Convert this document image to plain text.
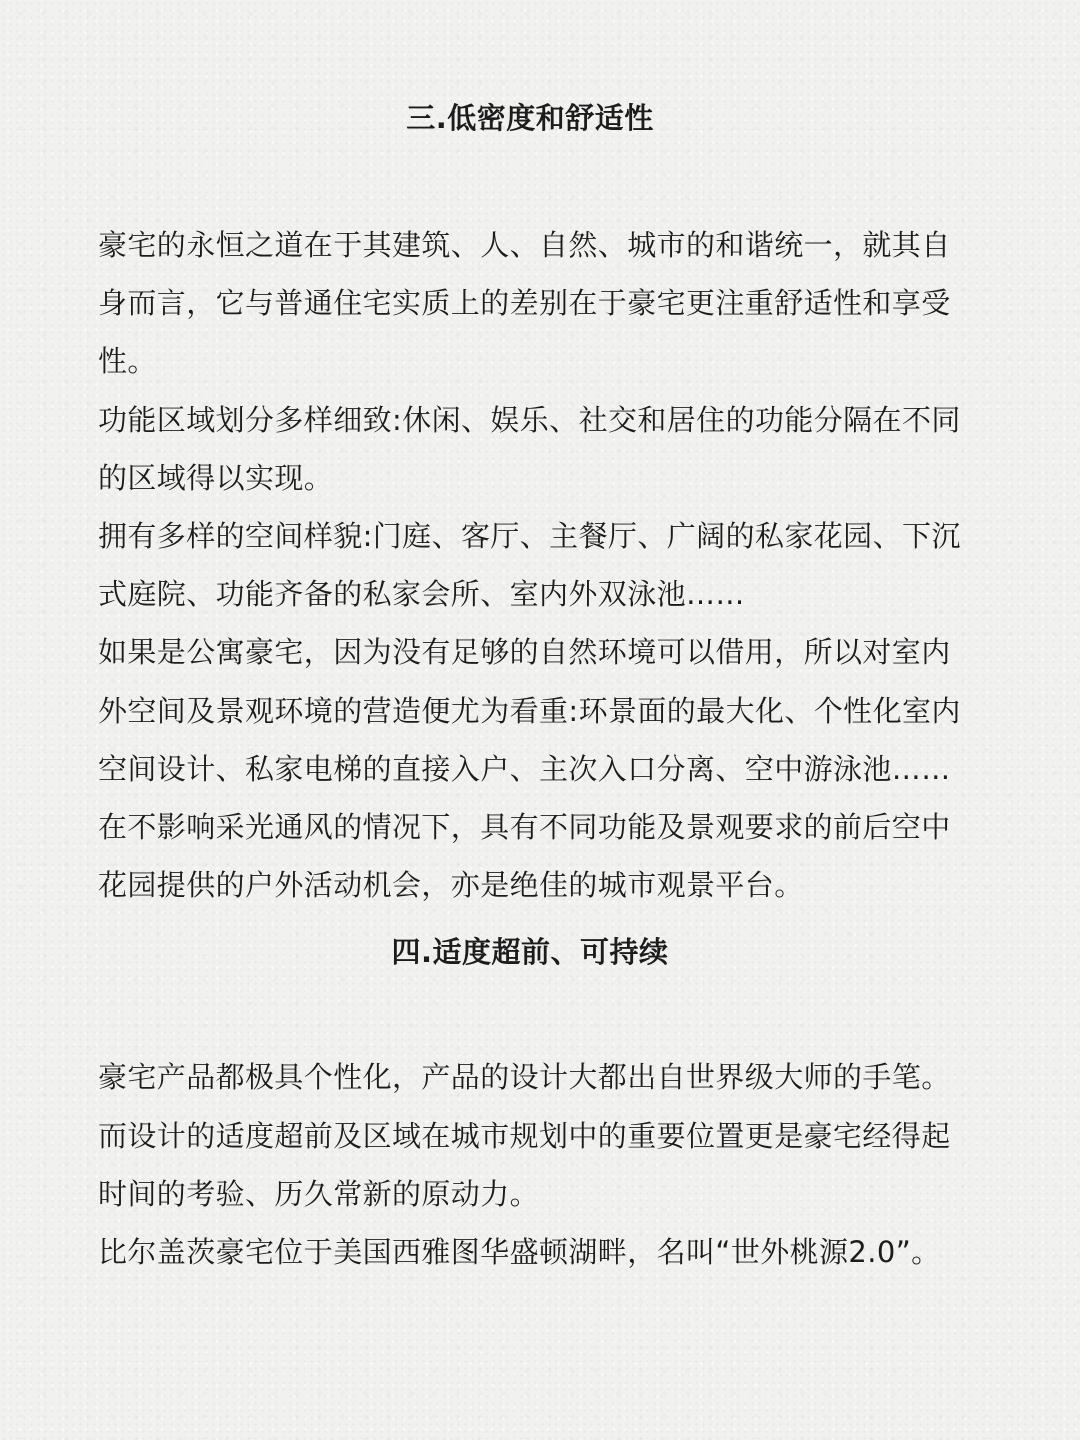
三.低密度和舒适性

豪宅的永恒之道在于其建筑、人、自然、城市的和谐统一，就其自身而言，它与普通住宅实质上的差别在于豪宅更注重舒适性和享受性。

功能区域划分多样细致:休闲、娱乐、社交和居住的功能分隔在不同的区域得以实现。

拥有多样的空间样貌:门庭、客厅、主餐厅、广阔的私家花园、下沉式庭院、功能齐备的私家会所、室内外双泳池……

如果是公寓豪宅，因为没有足够的自然环境可以借用，所以对室内外空间及景观环境的营造便尤为看重:环景面的最大化、个性化室内空间设计、私家电梯的直接入户、主次入口分离、空中游泳池……在不影响采光通风的情况下，具有不同功能及景观要求的前后空中花园提供的户外活动机会，亦是绝佳的城市观景平台。

四.适度超前、可持续

豪宅产品都极具个性化，产品的设计大都出自世界级大师的手笔。而设计的适度超前及区域在城市规划中的重要位置更是豪宅经得起时间的考验、历久常新的原动力。

比尔盖茨豪宅位于美国西雅图华盛顿湖畔，名叫“世外桃源2.0”。
